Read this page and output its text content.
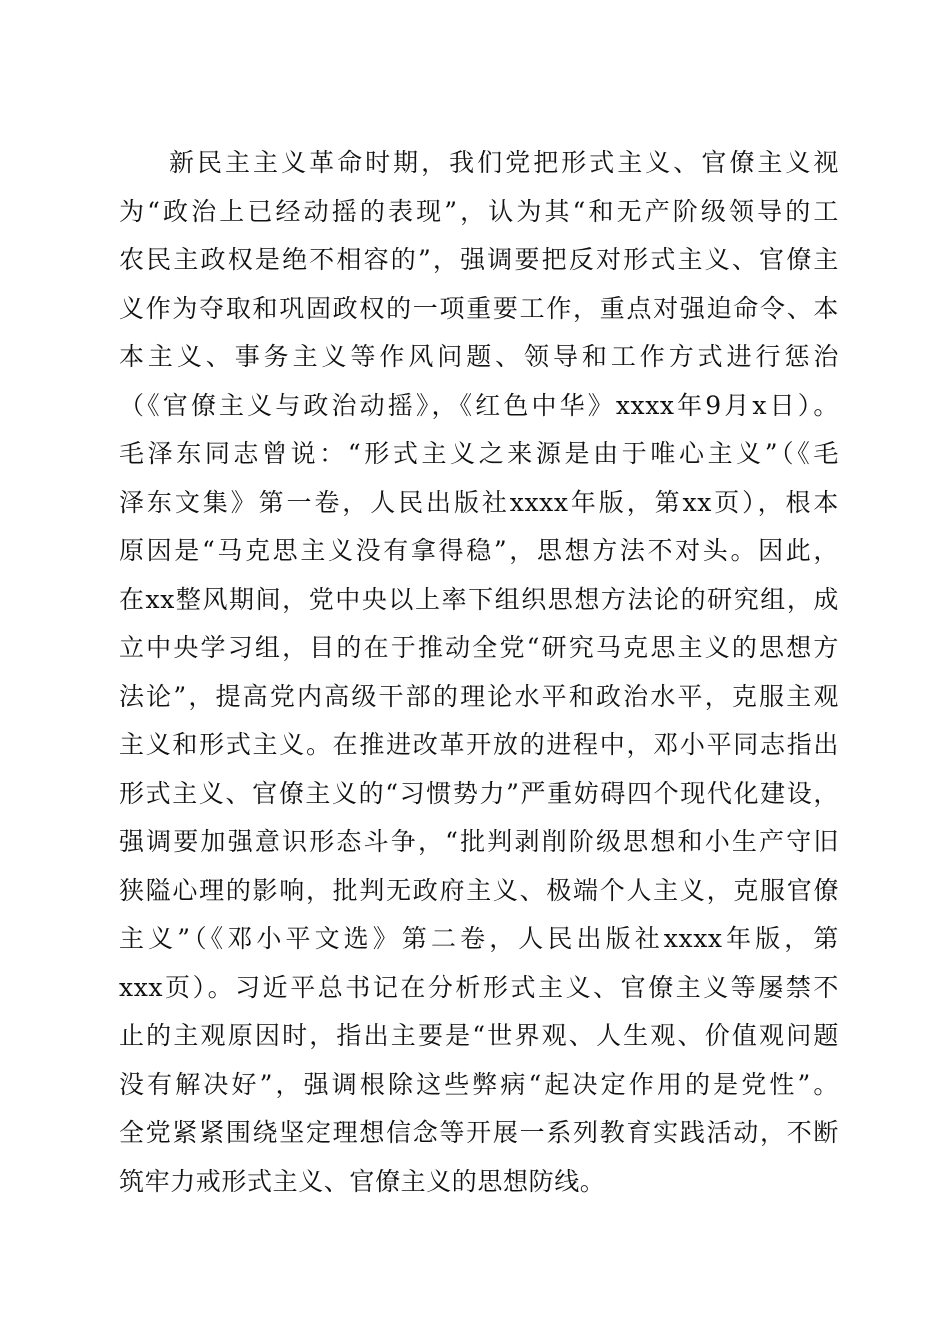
新民主主义革命时期，我们党把形式主义、官僚主义视
为“政治上已经动摇的表现”，认为其“和无产阶级领导的工
农民主政权是绝不相容的”，强调要把反对形式主义、官僚主
义作为夺取和巩固政权的一项重要工作，重点对强迫命令、本
本主义、事务主义等作风问题、领导和工作方式进行惩治
（《官僚主义与政治动摇》，《红色中华》xxxx年9月x日）。
毛泽东同志曾说：“形式主义之来源是由于唯心主义”（《毛
泽东文集》第一卷，人民出版社xxxx年版，第xx页），根本
原因是“马克思主义没有拿得稳”，思想方法不对头。因此，
在xx整风期间，党中央以上率下组织思想方法论的研究组，成
立中央学习组，目的在于推动全党“研究马克思主义的思想方
法论”，提高党内高级干部的理论水平和政治水平，克服主观
主义和形式主义。在推进改革开放的进程中，邓小平同志指出
形式主义、官僚主义的“习惯势力”严重妨碍四个现代化建设，
强调要加强意识形态斗争，“批判剥削阶级思想和小生产守旧
狭隘心理的影响，批判无政府主义、极端个人主义，克服官僚
主义”（《邓小平文选》第二卷，人民出版社xxxx年版，第
xxx页）。习近平总书记在分析形式主义、官僚主义等屡禁不
止的主观原因时，指出主要是“世界观、人生观、价值观问题
没有解决好”，强调根除这些弊病“起决定作用的是党性”。
全党紧紧围绕坚定理想信念等开展一系列教育实践活动，不断
筑牢力戒形式主义、官僚主义的思想防线。
